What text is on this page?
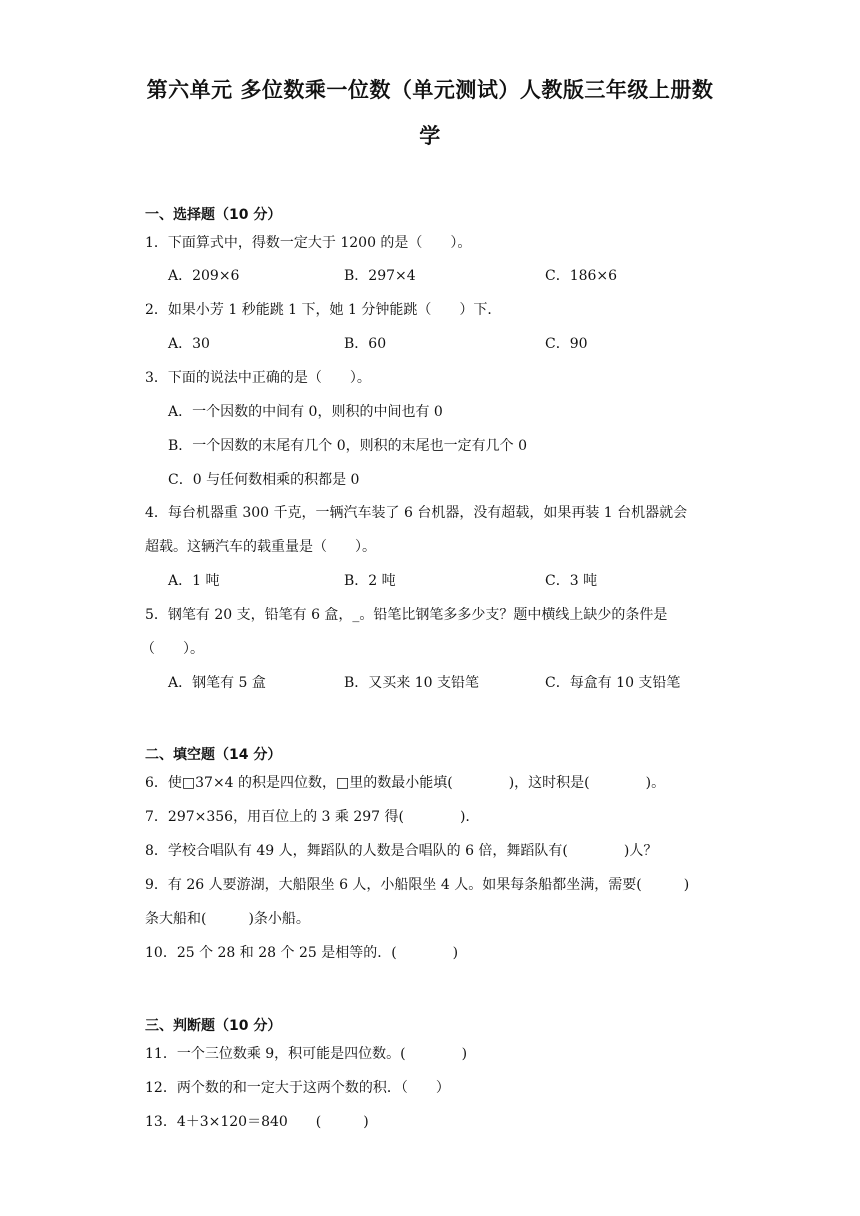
第六单元 多位数乘一位数（单元测试）人教版三年级上册数
学
一、选择题（10 分）
1．下面算式中，得数一定大于 1200 的是（　　）。
A．209×6	B．297×4	C．186×6
2．如果小芳 1 秒能跳 1 下，她 1 分钟能跳（　　）下．
A．30	B．60	C．90
3．下面的说法中正确的是（　　）。
A．一个因数的中间有 0，则积的中间也有 0
B．一个因数的末尾有几个 0，则积的末尾也一定有几个 0
C．0 与任何数相乘的积都是 0
4．每台机器重 300 千克，一辆汽车装了 6 台机器，没有超载，如果再装 1 台机器就会
超载。这辆汽车的载重量是（　　）。
A．1 吨	B．2 吨	C．3 吨
5．钢笔有 20 支，铅笔有 6 盒，_。铅笔比钢笔多多少支？题中横线上缺少的条件是
（　　）。
A．钢笔有 5 盒	B．又买来 10 支铅笔	C．每盒有 10 支铅笔
二、填空题（14 分）
6．使□37×4 的积是四位数，□里的数最小能填(　　　　)，这时积是(　　　　)。
7．297×356，用百位上的 3 乘 297 得(　　　　).
8．学校合唱队有 49 人，舞蹈队的人数是合唱队的 6 倍，舞蹈队有(　　　　)人？
9．有 26 人要游湖，大船限坐 6 人，小船限坐 4 人。如果每条船都坐满，需要(　　　)
条大船和(　　　)条小船。
10．25 个 28 和 28 个 25 是相等的．(　　　　)
三、判断题（10 分）
11．一个三位数乘 9，积可能是四位数。(　　　　)
12．两个数的和一定大于这两个数的积．（　　）
13．4＋3×120＝840　　(　　　)
